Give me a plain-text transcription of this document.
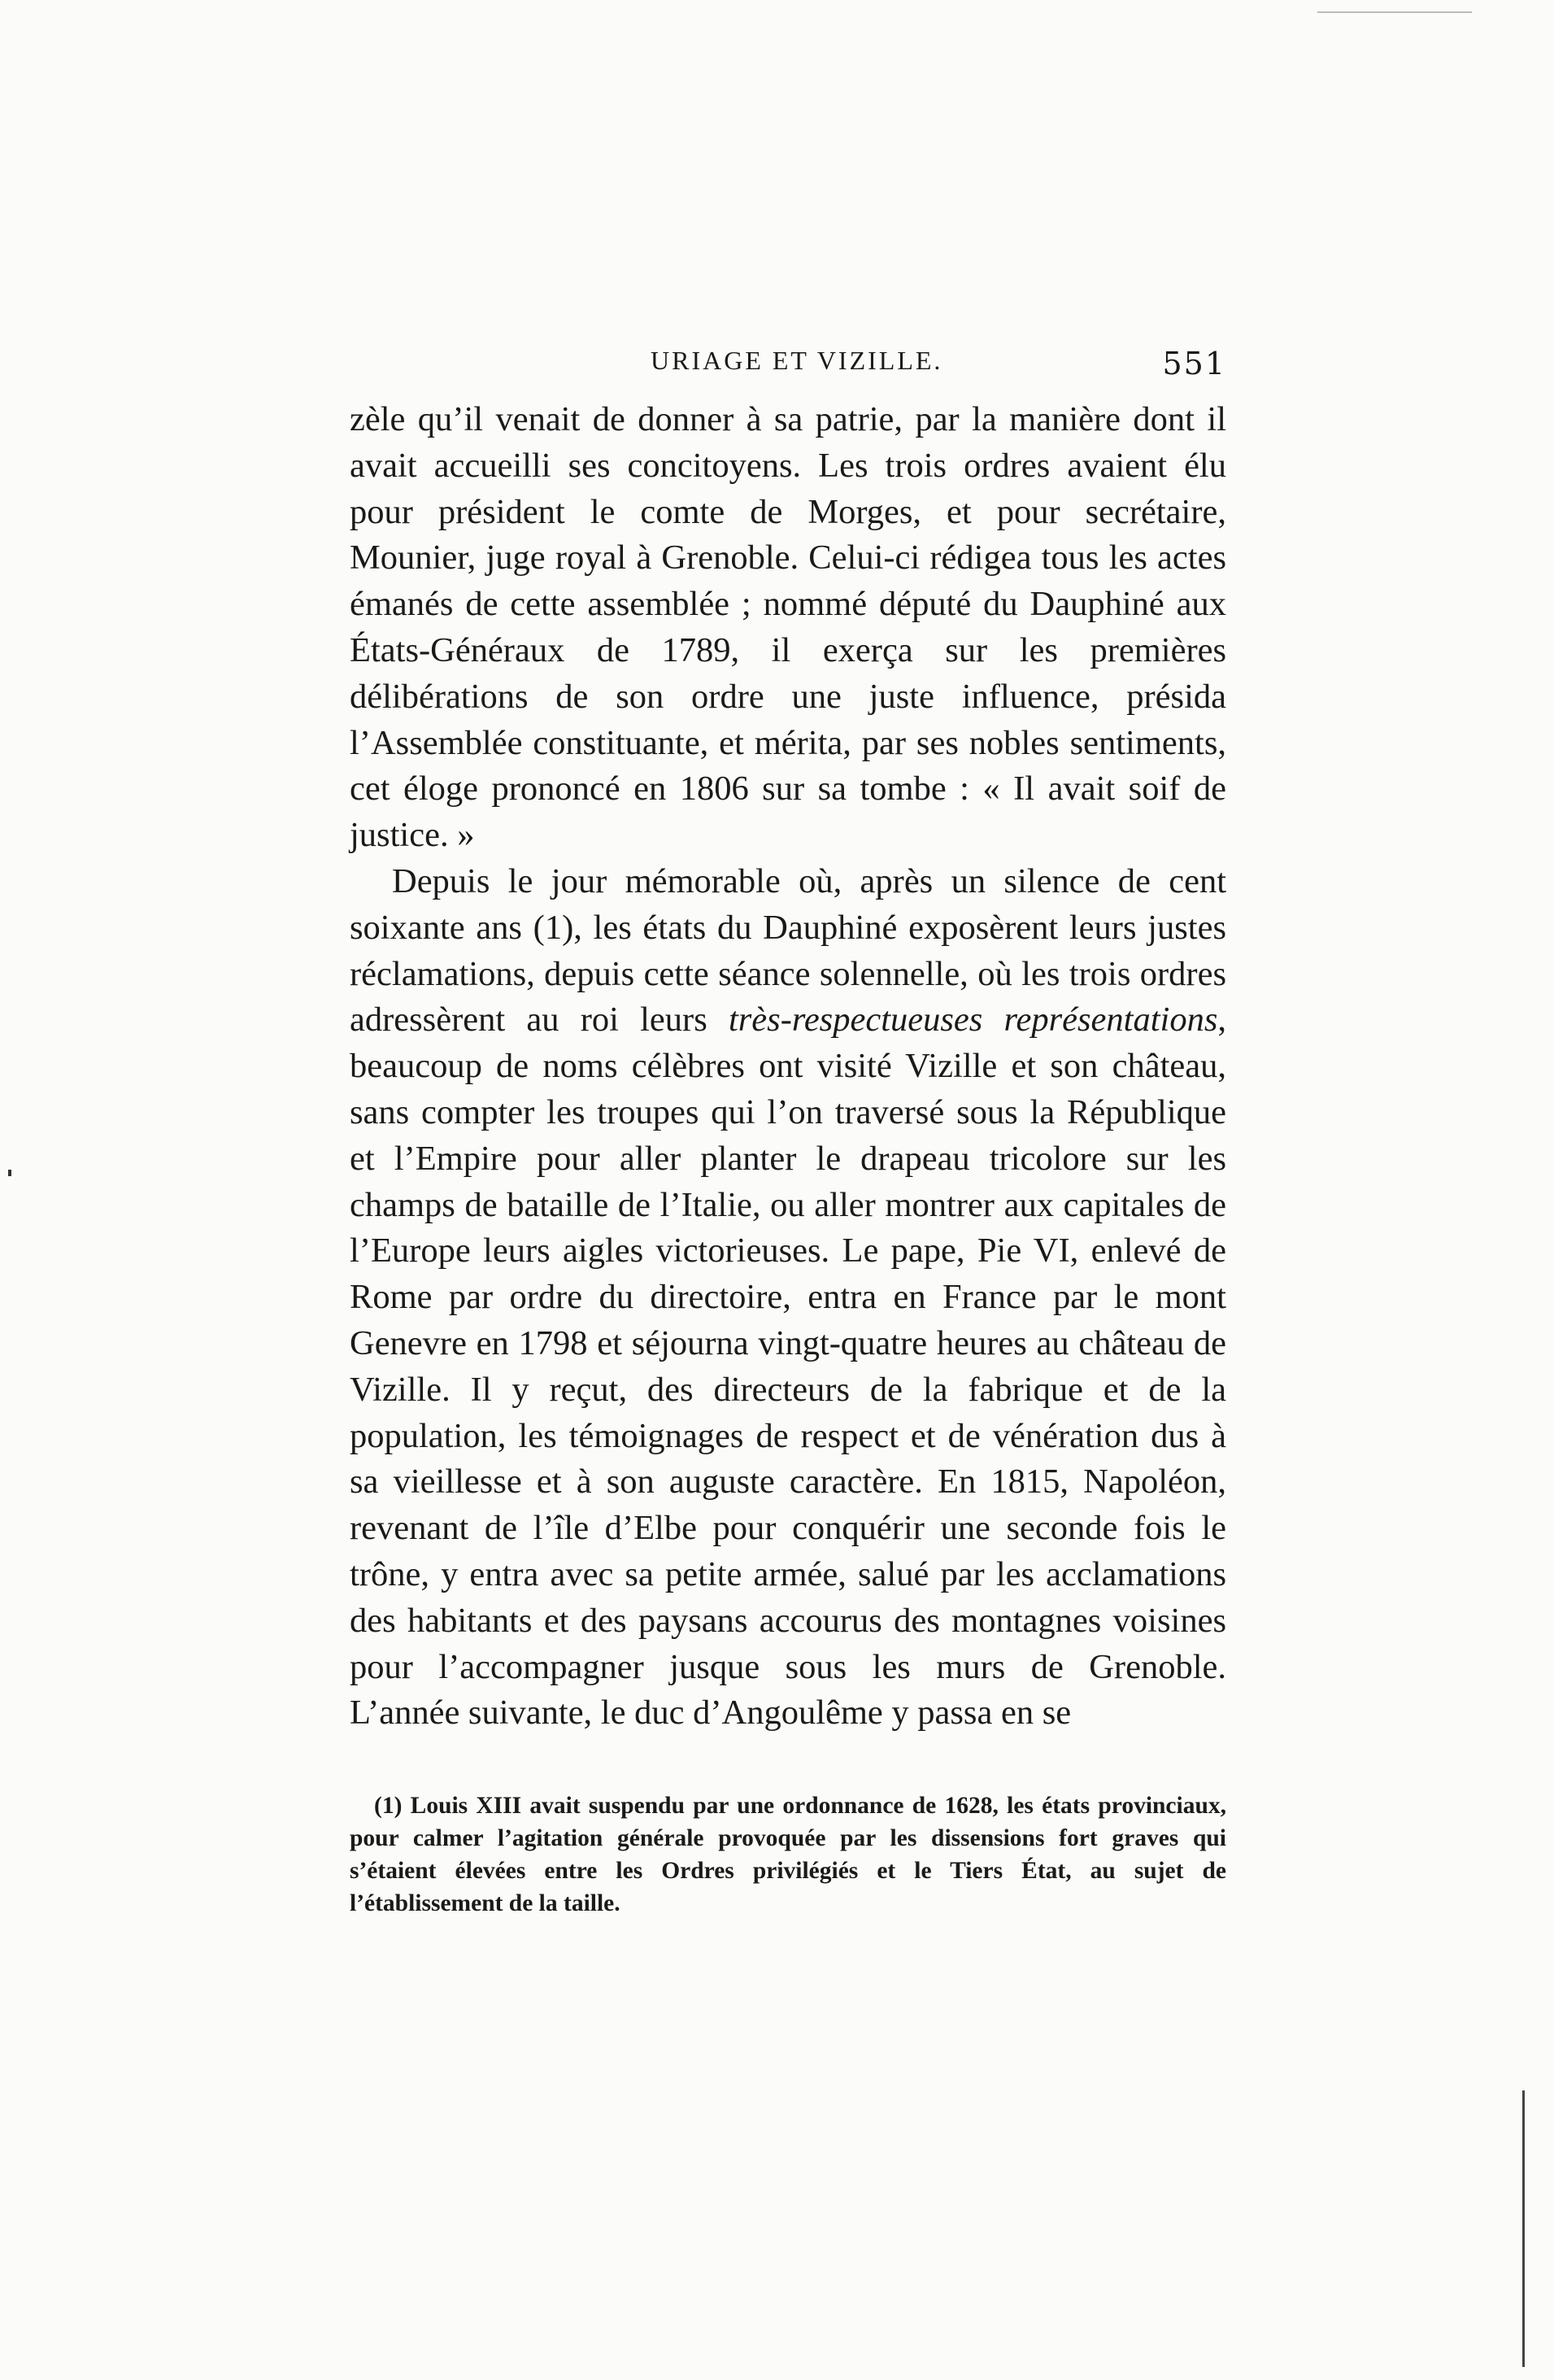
URIAGE ET VIZILLE.	551

zèle qu’il venait de donner à sa patrie, par la manière dont il avait accueilli ses concitoyens. Les trois ordres avaient élu pour président le comte de Morges, et pour secrétaire, Mounier, juge royal à Grenoble. Celui-ci rédigea tous les actes émanés de cette assemblée ; nommé député du Dauphiné aux États-Généraux de 1789, il exerça sur les premières délibérations de son ordre une juste influence, présida l’Assemblée constituante, et mérita, par ses nobles sentiments, cet éloge prononcé en 1806 sur sa tombe : « Il avait soif de justice. »

Depuis le jour mémorable où, après un silence de cent soixante ans (1), les états du Dauphiné exposèrent leurs justes réclamations, depuis cette séance solennelle, où les trois ordres adressèrent au roi leurs très-respectueuses représentations, beaucoup de noms célèbres ont visité Vizille et son château, sans compter les troupes qui l’on traversé sous la République et l’Empire pour aller planter le drapeau tricolore sur les champs de bataille de l’Italie, ou aller montrer aux capitales de l’Europe leurs aigles victorieuses. Le pape, Pie VI, enlevé de Rome par ordre du directoire, entra en France par le mont Genevre en 1798 et séjourna vingt-quatre heures au château de Vizille. Il y reçut, des directeurs de la fabrique et de la population, les témoignages de respect et de vénération dus à sa vieillesse et à son auguste caractère. En 1815, Napoléon, revenant de l’île d’Elbe pour conquérir une seconde fois le trône, y entra avec sa petite armée, salué par les acclamations des habitants et des paysans accourus des montagnes voisines pour l’accompagner jusque sous les murs de Grenoble. L’année suivante, le duc d’Angoulême y passa en se

(1) Louis XIII avait suspendu par une ordonnance de 1628, les états provinciaux, pour calmer l’agitation générale provoquée par les dissensions fort graves qui s’étaient élevées entre les Ordres privilégiés et le Tiers État, au sujet de l’établissement de la taille.
